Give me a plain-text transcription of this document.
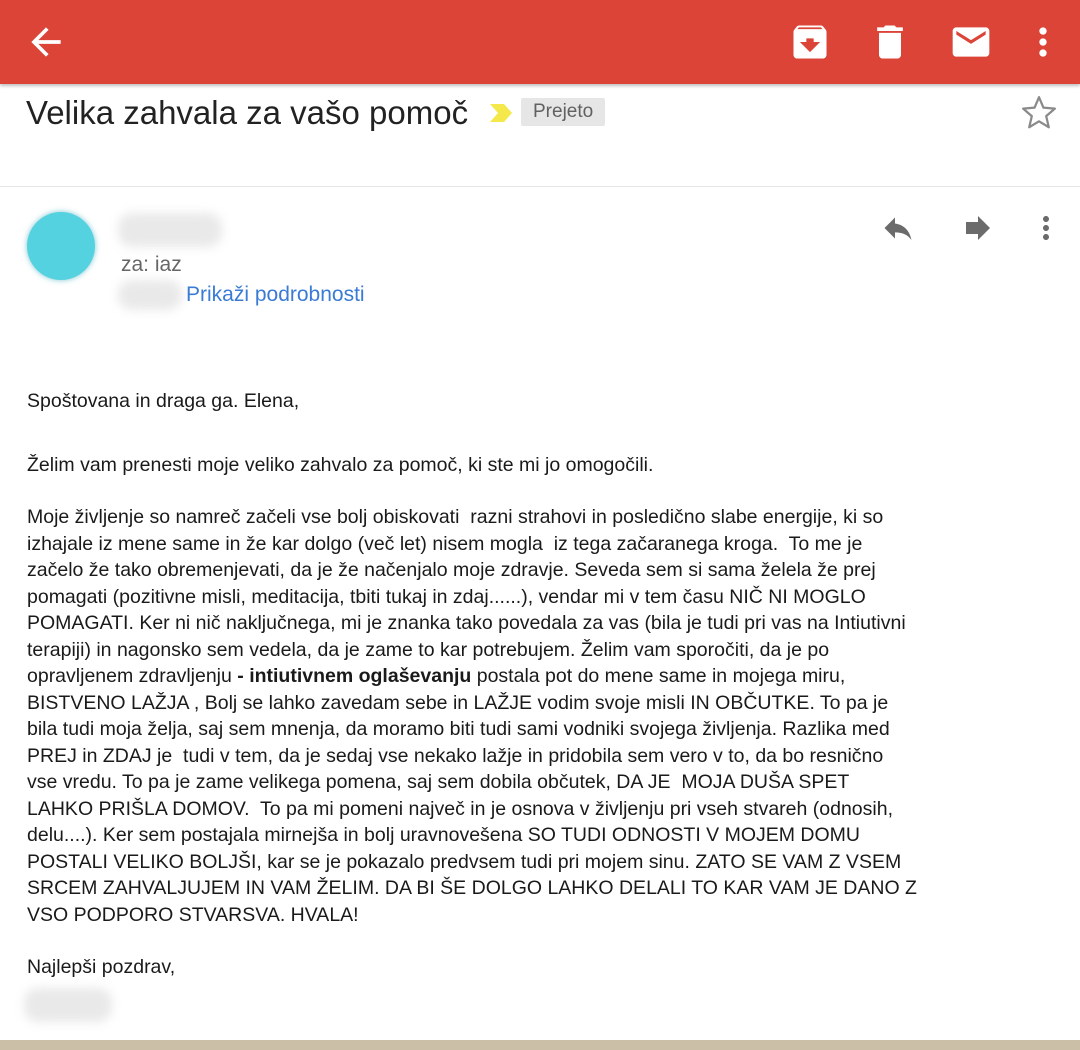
Velika zahvala za vašo pomoč	Prejeto
za: iaz
Prikaži podrobnosti

Spoštovana in draga ga. Elena,

Želim vam prenesti moje veliko zahvalo za pomoč, ki ste mi jo omogočili.

Moje življenje so namreč začeli vse bolj obiskovati  razni strahovi in posledično slabe energije, ki so
izhajale iz mene same in že kar dolgo (več let) nisem mogla  iz tega začaranega kroga.  To me je
začelo že tako obremenjevati, da je že načenjalo moje zdravje. Seveda sem si sama želela že prej
pomagati (pozitivne misli, meditacija, tbiti tukaj in zdaj......), vendar mi v tem času NIČ NI MOGLO
POMAGATI. Ker ni nič naključnega, mi je znanka tako povedala za vas (bila je tudi pri vas na Intiutivni
terapiji) in nagonsko sem vedela, da je zame to kar potrebujem. Želim vam sporočiti, da je po
opravljenem zdravljenju - intiutivnem oglaševanju postala pot do mene same in mojega miru,
BISTVENO LAŽJA , Bolj se lahko zavedam sebe in LAŽJE vodim svoje misli IN OBČUTKE. To pa je
bila tudi moja želja, saj sem mnenja, da moramo biti tudi sami vodniki svojega življenja. Razlika med
PREJ in ZDAJ je  tudi v tem, da je sedaj vse nekako lažje in pridobila sem vero v to, da bo resnično
vse vredu. To pa je zame velikega pomena, saj sem dobila občutek, DA JE  MOJA DUŠA SPET
LAHKO PRIŠLA DOMOV.  To pa mi pomeni največ in je osnova v življenju pri vseh stvareh (odnosih,
delu....). Ker sem postajala mirnejša in bolj uravnovešena SO TUDI ODNOSTI V MOJEM DOMU
POSTALI VELIKO BOLJŠI, kar se je pokazalo predvsem tudi pri mojem sinu. ZATO SE VAM Z VSEM
SRCEM ZAHVALJUJEM IN VAM ŽELIM. DA BI ŠE DOLGO LAHKO DELALI TO KAR VAM JE DANO Z
VSO PODPORO STVARSVA. HVALA!

Najlepši pozdrav,
